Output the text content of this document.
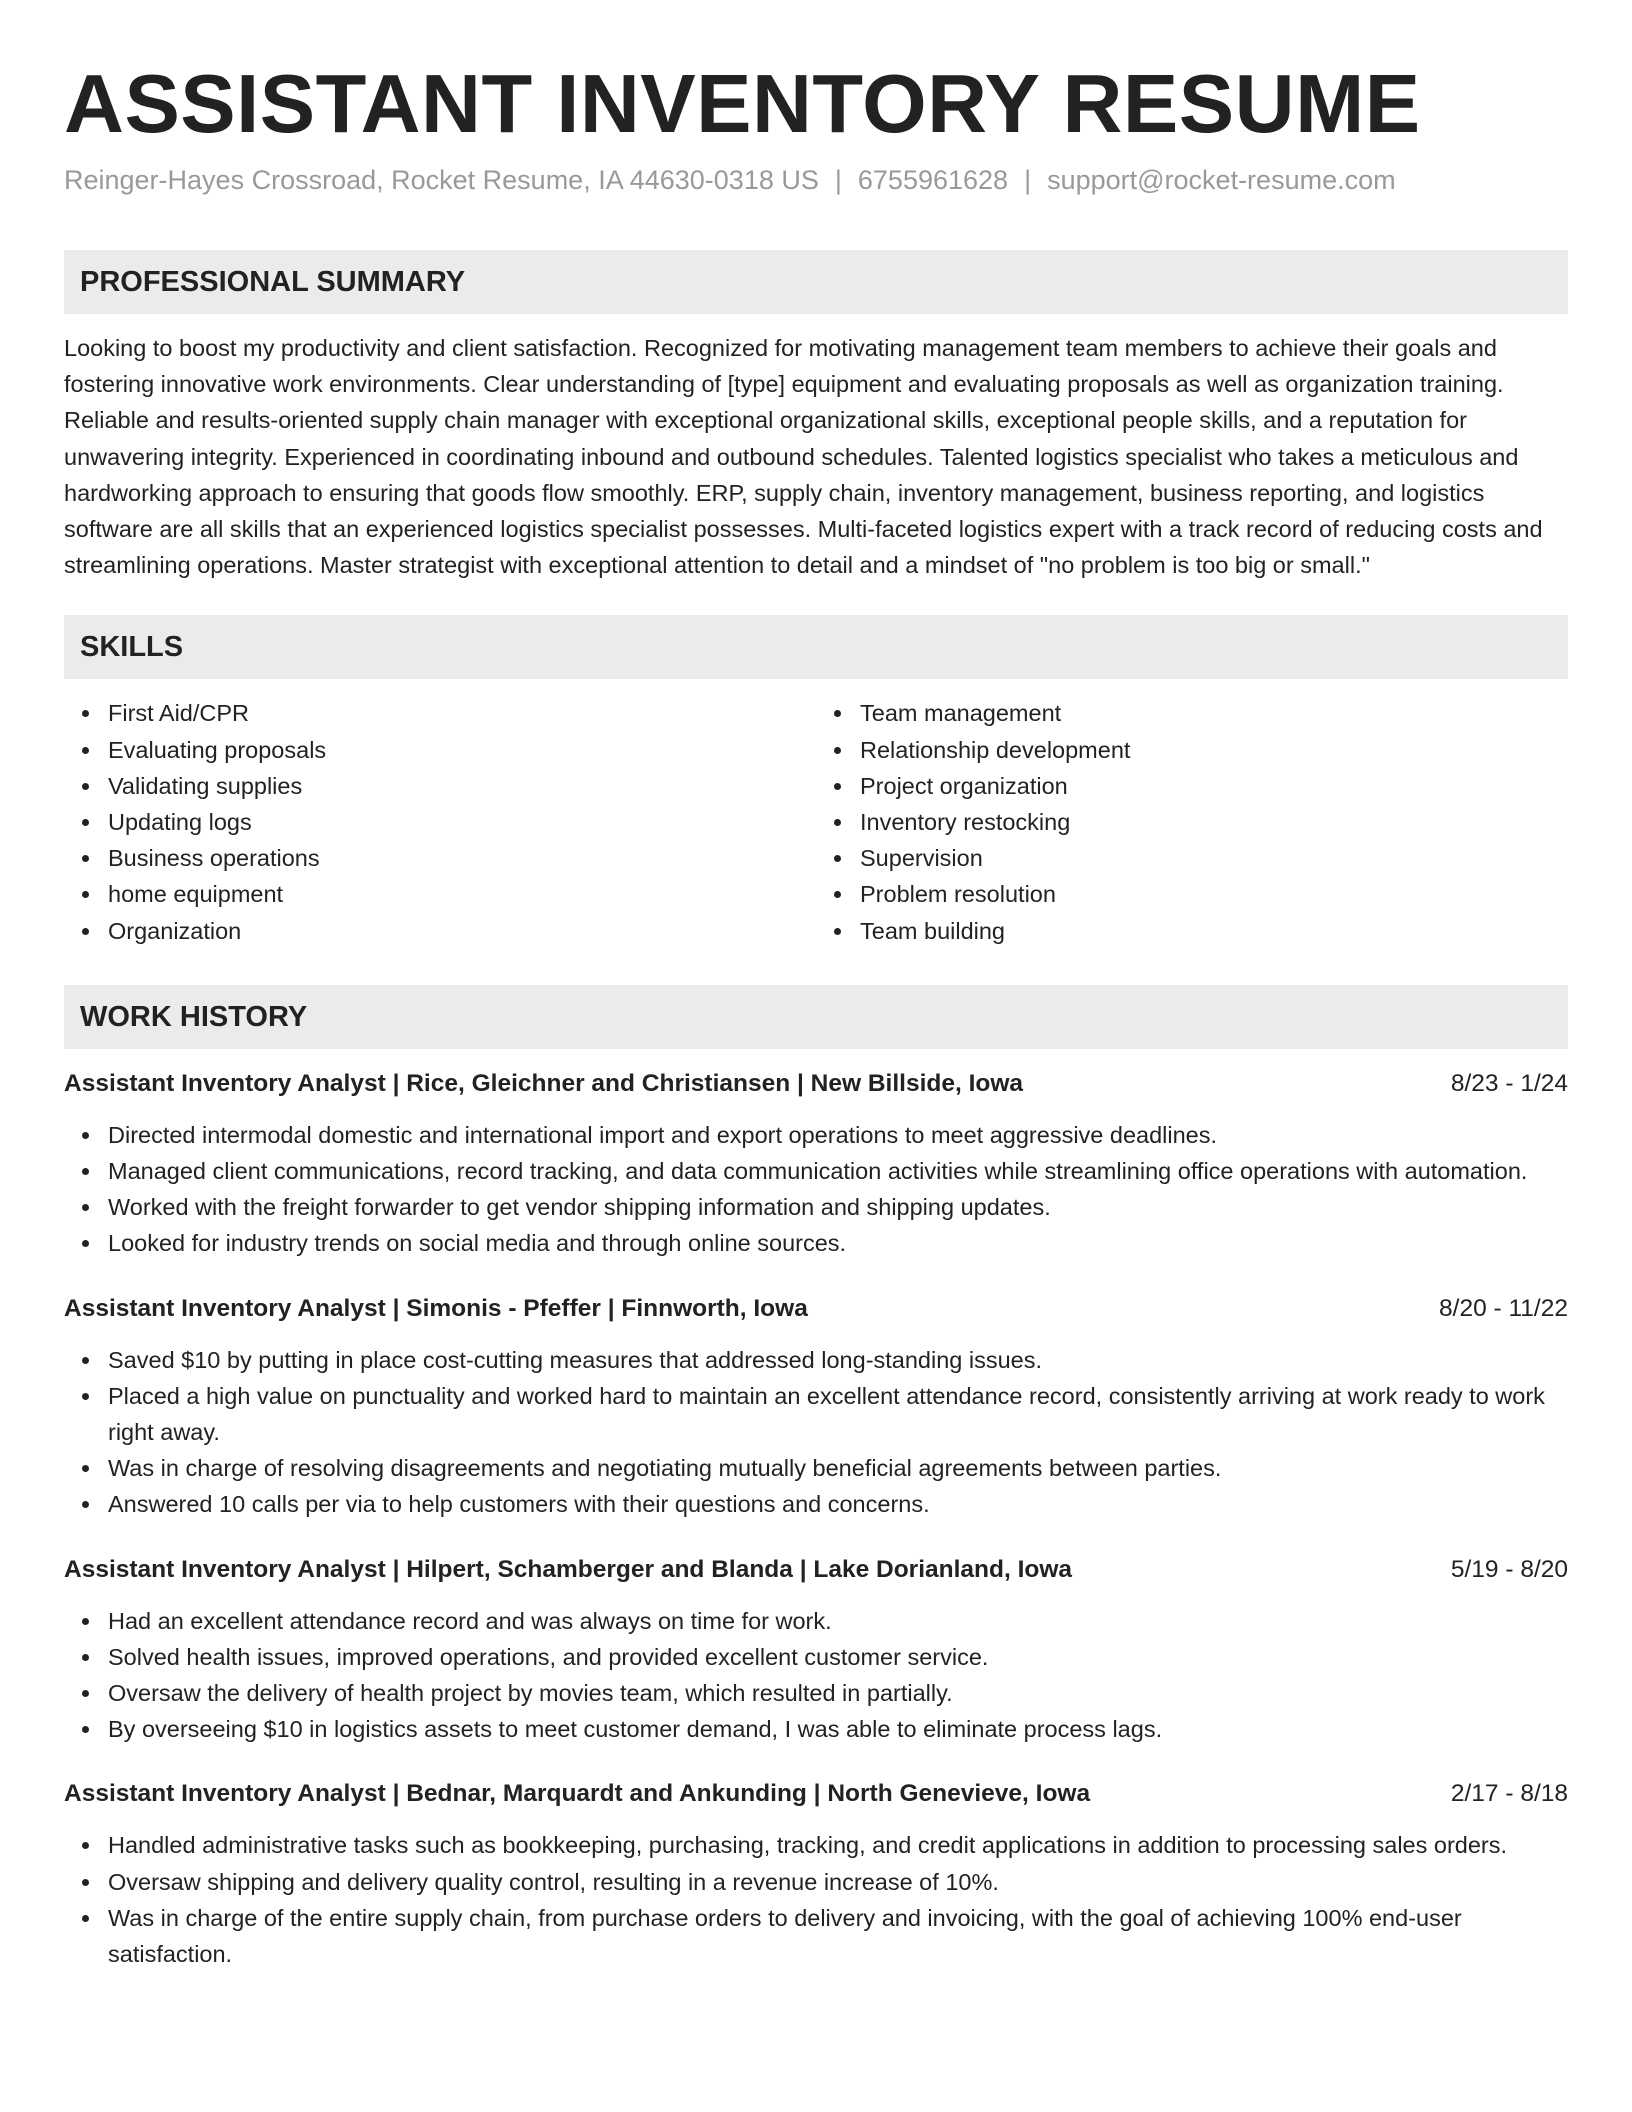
ASSISTANT INVENTORY RESUME
Reinger-Hayes Crossroad, Rocket Resume, IA 44630-0318 US | 6755961628 | support@rocket-resume.com
PROFESSIONAL SUMMARY

Looking to boost my productivity and client satisfaction. Recognized for motivating management team members to achieve their goals and fostering innovative work environments. Clear understanding of [type] equipment and evaluating proposals as well as organization training. Reliable and results-oriented supply chain manager with exceptional organizational skills, exceptional people skills, and a reputation for unwavering integrity. Experienced in coordinating inbound and outbound schedules. Talented logistics specialist who takes a meticulous and hardworking approach to ensuring that goods flow smoothly. ERP, supply chain, inventory management, business reporting, and logistics software are all skills that an experienced logistics specialist possesses. Multi-faceted logistics expert with a track record of reducing costs and streamlining operations. Master strategist with exceptional attention to detail and a mindset of "no problem is too big or small."

SKILLS
First Aid/CPR
Evaluating proposals
Validating supplies
Updating logs
Business operations
home equipment
Organization
Team management
Relationship development
Project organization
Inventory restocking
Supervision
Problem resolution
Team building
WORK HISTORY
Assistant Inventory Analyst | Rice, Gleichner and Christiansen | New Billside, Iowa	8/23 - 1/24
Directed intermodal domestic and international import and export operations to meet aggressive deadlines.
Managed client communications, record tracking, and data communication activities while streamlining office operations with automation.
Worked with the freight forwarder to get vendor shipping information and shipping updates.
Looked for industry trends on social media and through online sources.
Assistant Inventory Analyst | Simonis - Pfeffer | Finnworth, Iowa	8/20 - 11/22
Saved $10 by putting in place cost-cutting measures that addressed long-standing issues.
Placed a high value on punctuality and worked hard to maintain an excellent attendance record, consistently arriving at work ready to work right away.
Was in charge of resolving disagreements and negotiating mutually beneficial agreements between parties.
Answered 10 calls per via to help customers with their questions and concerns.
Assistant Inventory Analyst | Hilpert, Schamberger and Blanda | Lake Dorianland, Iowa	5/19 - 8/20
Had an excellent attendance record and was always on time for work.
Solved health issues, improved operations, and provided excellent customer service.
Oversaw the delivery of health project by movies team, which resulted in partially.
By overseeing $10 in logistics assets to meet customer demand, I was able to eliminate process lags.
Assistant Inventory Analyst | Bednar, Marquardt and Ankunding | North Genevieve, Iowa	2/17 - 8/18
Handled administrative tasks such as bookkeeping, purchasing, tracking, and credit applications in addition to processing sales orders.
Oversaw shipping and delivery quality control, resulting in a revenue increase of 10%.
Was in charge of the entire supply chain, from purchase orders to delivery and invoicing, with the goal of achieving 100% end-user satisfaction.
